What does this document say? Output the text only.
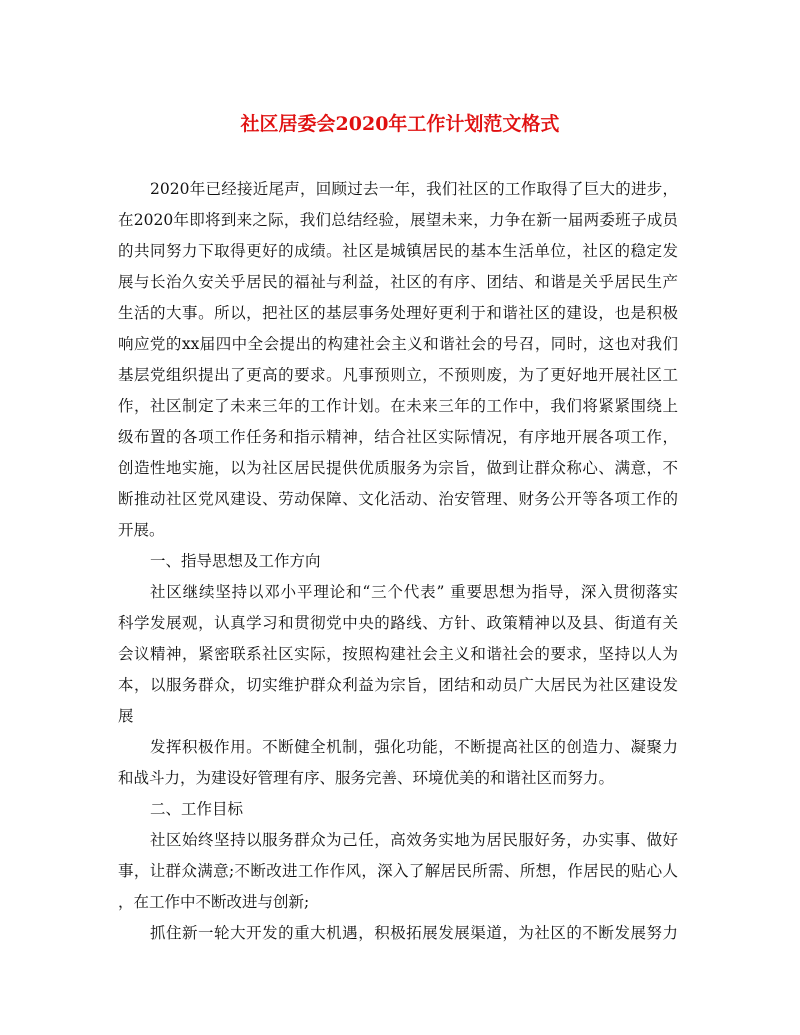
社区居委会2020年工作计划范文格式
2020年已经接近尾声，回顾过去一年，我们社区的工作取得了巨大的进步，
在2020年即将到来之际，我们总结经验，展望未来，力争在新一届两委班子成员
的共同努力下取得更好的成绩。社区是城镇居民的基本生活单位，社区的稳定发
展与长治久安关乎居民的福祉与利益，社区的有序、团结、和谐是关乎居民生产
生活的大事。所以，把社区的基层事务处理好更利于和谐社区的建设，也是积极
响应党的xx届四中全会提出的构建社会主义和谐社会的号召，同时，这也对我们
基层党组织提出了更高的要求。凡事预则立，不预则废，为了更好地开展社区工
作，社区制定了未来三年的工作计划。在未来三年的工作中，我们将紧紧围绕上
级布置的各项工作任务和指示精神，结合社区实际情况，有序地开展各项工作，
创造性地实施，以为社区居民提供优质服务为宗旨，做到让群众称心、满意，不
断推动社区党风建设、劳动保障、文化活动、治安管理、财务公开等各项工作的
开展。
一、指导思想及工作方向
社区继续坚持以邓小平理论和“三个代表” 重要思想为指导，深入贯彻落实
科学发展观，认真学习和贯彻党中央的路线、方针、政策精神以及县、街道有关
会议精神，紧密联系社区实际，按照构建社会主义和谐社会的要求，坚持以人为
本，以服务群众，切实维护群众利益为宗旨，团结和动员广大居民为社区建设发
展
发挥积极作用。不断健全机制，强化功能，不断提高社区的创造力、凝聚力
和战斗力，为建设好管理有序、服务完善、环境优美的和谐社区而努力。
二、工作目标
社区始终坚持以服务群众为己任，高效务实地为居民服好务，办实事、做好
事，让群众满意;不断改进工作作风，深入了解居民所需、所想，作居民的贴心人
，在工作中不断改进与创新;
抓住新一轮大开发的重大机遇，积极拓展发展渠道，为社区的不断发展努力
